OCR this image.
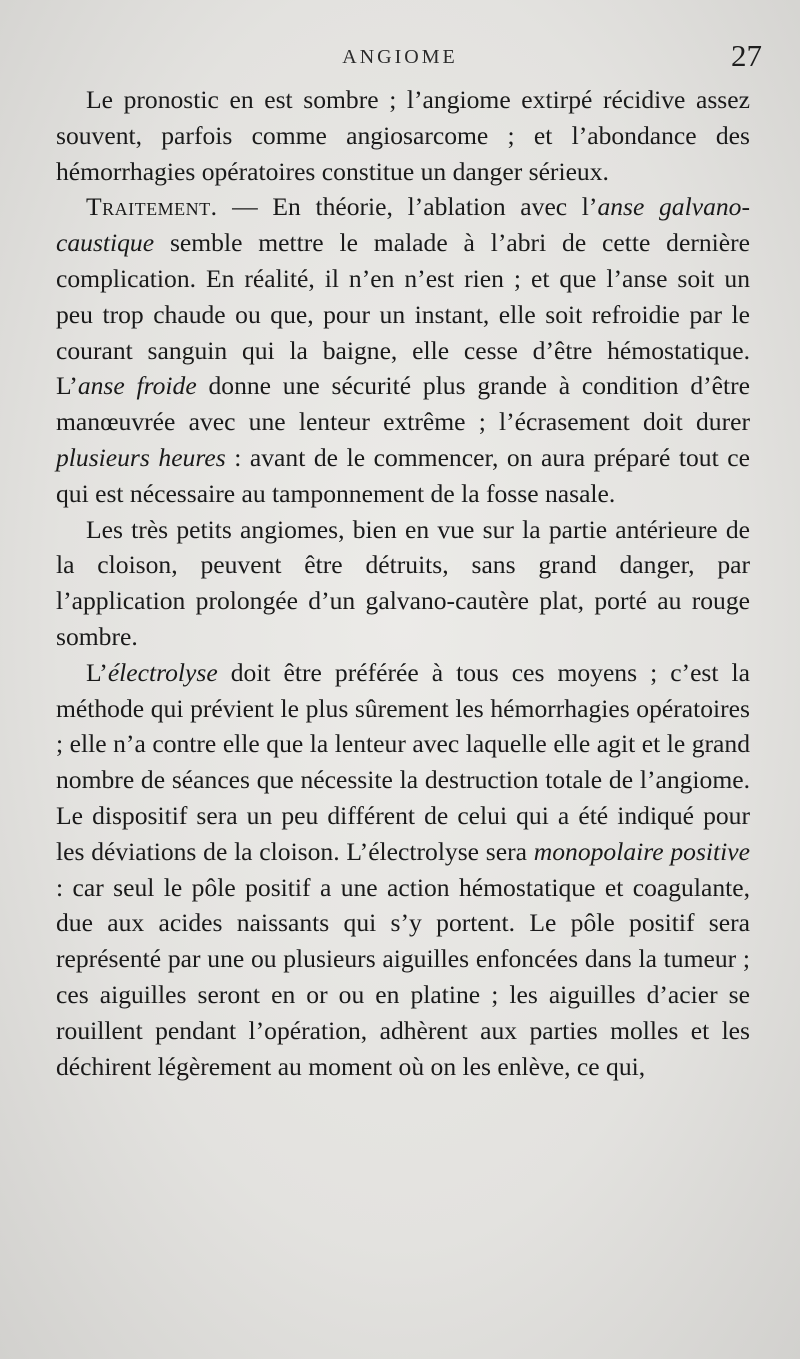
ANGIOME	27

Le pronostic en est sombre ; l’angiome extirpé récidive assez souvent, parfois comme angiosarcome ; et l’abondance des hémorrhagies opératoires constitue un danger sérieux.

Traitement. — En théorie, l’ablation avec l’anse galvano-caustique semble mettre le malade à l’abri de cette dernière complication. En réalité, il n’en n’est rien ; et que l’anse soit un peu trop chaude ou que, pour un instant, elle soit refroidie par le courant sanguin qui la baigne, elle cesse d’être hémostatique. L’anse froide donne une sécurité plus grande à condition d’être manœuvrée avec une lenteur extrême ; l’écrasement doit durer plusieurs heures : avant de le commencer, on aura préparé tout ce qui est nécessaire au tamponnement de la fosse nasale.

Les très petits angiomes, bien en vue sur la partie antérieure de la cloison, peuvent être détruits, sans grand danger, par l’application prolongée d’un galvano-cautère plat, porté au rouge sombre.

L’électrolyse doit être préférée à tous ces moyens ; c’est la méthode qui prévient le plus sûrement les hémorrhagies opératoires ; elle n’a contre elle que la lenteur avec laquelle elle agit et le grand nombre de séances que nécessite la destruction totale de l’angiome. Le dispositif sera un peu différent de celui qui a été indiqué pour les déviations de la cloison. L’électrolyse sera monopolaire positive : car seul le pôle positif a une action hémostatique et coagulante, due aux acides naissants qui s’y portent. Le pôle positif sera représenté par une ou plusieurs aiguilles enfoncées dans la tumeur ; ces aiguilles seront en or ou en platine ; les aiguilles d’acier se rouillent pendant l’opération, adhèrent aux parties molles et les déchirent légèrement au moment où on les enlève, ce qui,
